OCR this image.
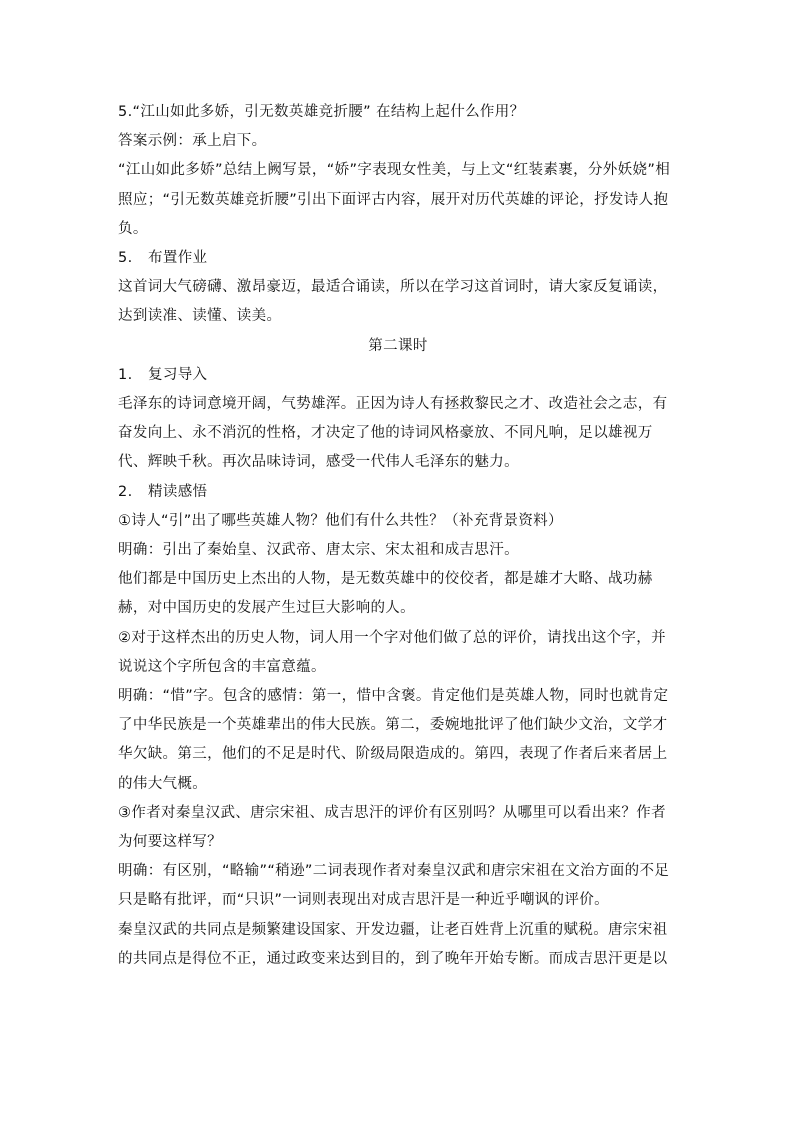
5.“江山如此多娇，引无数英雄竞折腰” 在结构上起什么作用？

答案示例：承上启下。

“江山如此多娇”总结上阙写景，“娇”字表现女性美，与上文“红装素裹，分外妖娆”相照应；“引无数英雄竞折腰”引出下面评古内容，展开对历代英雄的评论，抒发诗人抱负。

5. 布置作业

这首词大气磅礴、激昂豪迈，最适合诵读，所以在学习这首词时，请大家反复诵读，达到读准、读懂、读美。

第二课时

1. 复习导入

毛泽东的诗词意境开阔，气势雄浑。正因为诗人有拯救黎民之才、改造社会之志，有奋发向上、永不消沉的性格，才决定了他的诗词风格豪放、不同凡响，足以雄视万代、辉映千秋。再次品味诗词，感受一代伟人毛泽东的魅力。

2. 精读感悟

①诗人“引”出了哪些英雄人物？他们有什么共性？（补充背景资料）

明确：引出了秦始皇、汉武帝、唐太宗、宋太祖和成吉思汗。

他们都是中国历史上杰出的人物，是无数英雄中的佼佼者，都是雄才大略、战功赫赫，对中国历史的发展产生过巨大影响的人。

②对于这样杰出的历史人物，词人用一个字对他们做了总的评价，请找出这个字，并说说这个字所包含的丰富意蕴。

明确：“惜”字。包含的感情：第一，惜中含褒。肯定他们是英雄人物，同时也就肯定了中华民族是一个英雄辈出的伟大民族。第二，委婉地批评了他们缺少文治，文学才华欠缺。第三，他们的不足是时代、阶级局限造成的。第四，表现了作者后来者居上的伟大气概。

③作者对秦皇汉武、唐宗宋祖、成吉思汗的评价有区别吗？从哪里可以看出来？作者为何要这样写？

明确：有区别，“略输”“稍逊”二词表现作者对秦皇汉武和唐宗宋祖在文治方面的不足只是略有批评，而“只识”一词则表现出对成吉思汗是一种近乎嘲讽的评价。

秦皇汉武的共同点是频繁建设国家、开发边疆，让老百姓背上沉重的赋税。唐宗宋祖的共同点是得位不正，通过政变来达到目的，到了晚年开始专断。而成吉思汗更是以
